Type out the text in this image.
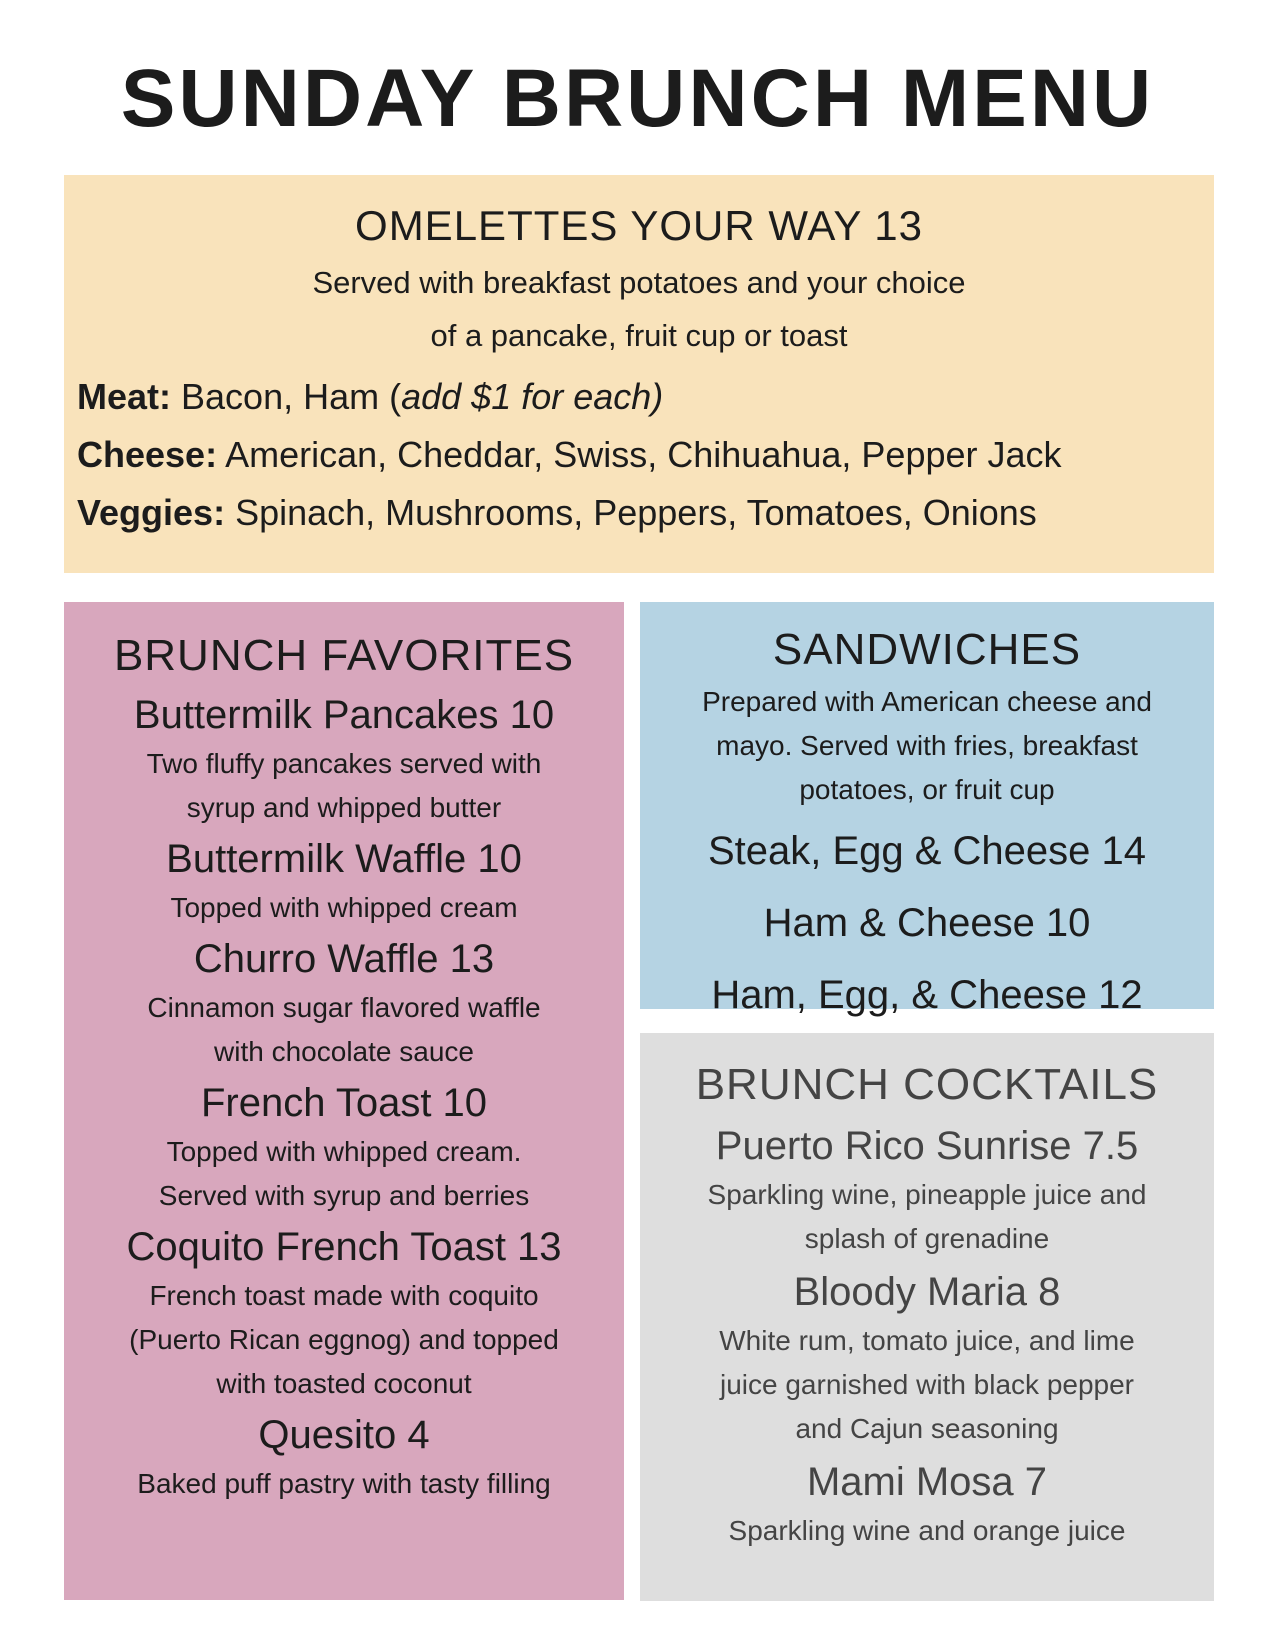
SUNDAY BRUNCH MENU
OMELETTES YOUR WAY 13
Served with breakfast potatoes and your choice
of a pancake, fruit cup or toast
Meat: Bacon, Ham (add $1 for each)
Cheese: American, Cheddar, Swiss, Chihuahua, Pepper Jack
Veggies: Spinach, Mushrooms, Peppers, Tomatoes, Onions
BRUNCH FAVORITES
Buttermilk Pancakes 10
Two fluffy pancakes served with
syrup and whipped butter
Buttermilk Waffle 10
Topped with whipped cream
Churro Waffle 13
Cinnamon sugar flavored waffle
with chocolate sauce
French Toast 10
Topped with whipped cream.
Served with syrup and berries
Coquito French Toast 13
French toast made with coquito
(Puerto Rican eggnog) and topped
with toasted coconut
Quesito 4
Baked puff pastry with tasty filling
SANDWICHES
Prepared with American cheese and
mayo. Served with fries, breakfast
potatoes, or fruit cup
Steak, Egg & Cheese 14
Ham & Cheese 10
Ham, Egg, & Cheese 12
BRUNCH COCKTAILS
Puerto Rico Sunrise 7.5
Sparkling wine, pineapple juice and
splash of grenadine
Bloody Maria 8
White rum, tomato juice, and lime
juice garnished with black pepper
and Cajun seasoning
Mami Mosa 7
Sparkling wine and orange juice
